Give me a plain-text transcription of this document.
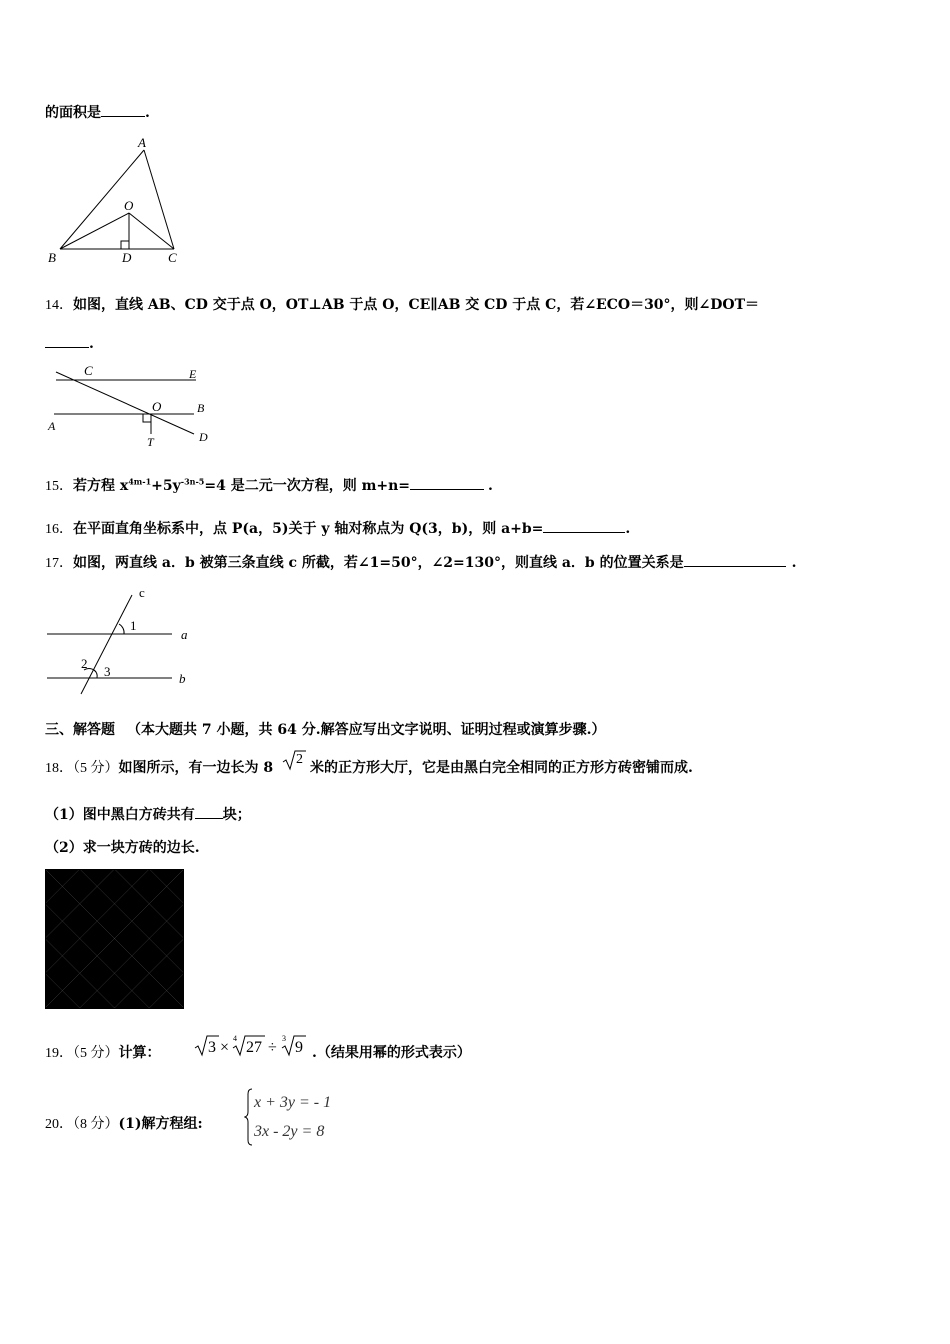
的面积是	.
A
O
B	D	C
14．如图，直线 AB、CD 交于点 O，OT⊥AB 于点 O，CE∥AB 交 CD 于点 C，若∠ECO＝30°，则∠DOT＝
.
C	E
O	B
A
T	D
15．若方程 $x^{4m-1}+5y^{-3n-5}=4$ 是二元一次方程，则 m+n=	.
16．在平面直角坐标系中，点 P(a，5)关于 y 轴对称点为 Q(3，b)，则 a+b=	.
17．如图，两直线 a．b 被第三条直线 c 所截，若∠1=50°，∠2=130°，则直线 a．b 的位置关系是	.
c
1
a
2
3	b
三、解答题 （本大题共 7 小题，共 64 分.解答应写出文字说明、证明过程或演算步骤.）
18．（5 分）如图所示，有一边长为 8
2
米的正方形大厅，它是由黑白完全相同的正方形方砖密铺而成.
（1）图中黑白方砖共有 块；
（2）求一块方砖的边长.
19．（5 分）计算：	3 ×
4
27 ÷
3
9 .（结果用幂的形式表示）
20．（8 分）(1)解方程组:
x + 3y = - 1
3x - 2y = 8
